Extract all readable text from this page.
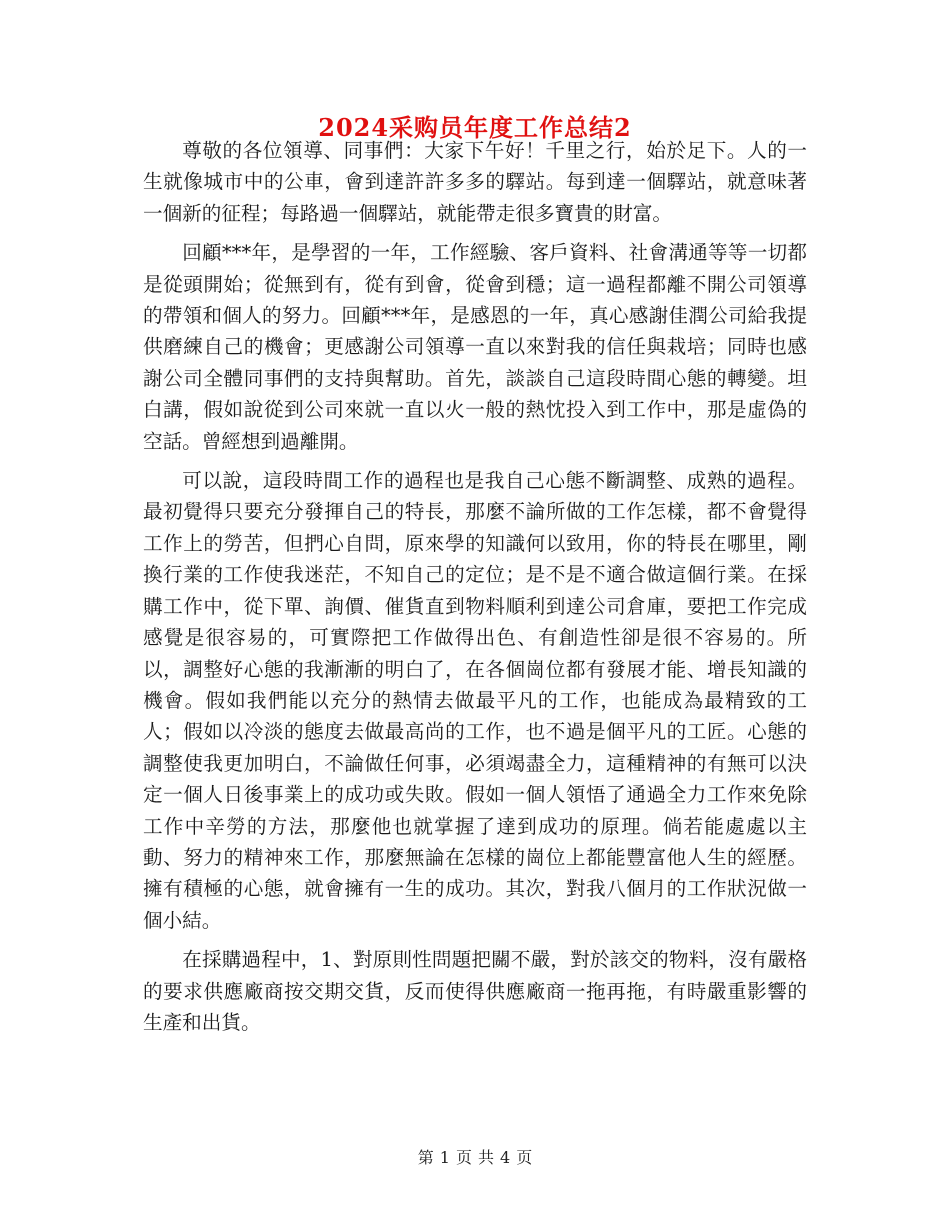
2024采购员年度工作总结2

尊敬的各位領導、同事們：大家下午好！千里之行，始於足下。人的一生就像城市中的公車，會到達許許多多的驛站。每到達一個驛站，就意味著一個新的征程；每路過一個驛站，就能帶走很多寶貴的財富。

回顧***年，是學習的一年，工作經驗、客戶資料、社會溝通等等一切都是從頭開始；從無到有，從有到會，從會到穩；這一過程都離不開公司領導的帶領和個人的努力。回顧***年，是感恩的一年，真心感謝佳潤公司給我提供磨練自己的機會；更感謝公司領導一直以來對我的信任與栽培；同時也感謝公司全體同事們的支持與幫助。首先，談談自己這段時間心態的轉變。坦白講，假如說從到公司來就一直以火一般的熱忱投入到工作中，那是虛偽的空話。曾經想到過離開。

可以說，這段時間工作的過程也是我自己心態不斷調整、成熟的過程。最初覺得只要充分發揮自己的特長，那麼不論所做的工作怎樣，都不會覺得工作上的勞苦，但捫心自問，原來學的知識何以致用，你的特長在哪里，剛換行業的工作使我迷茫，不知自己的定位；是不是不適合做這個行業。在採購工作中，從下單、詢價、催貨直到物料順利到達公司倉庫，要把工作完成感覺是很容易的，可實際把工作做得出色、有創造性卻是很不容易的。所以，調整好心態的我漸漸的明白了，在各個崗位都有發展才能、增長知識的機會。假如我們能以充分的熱情去做最平凡的工作，也能成為最精致的工人；假如以冷淡的態度去做最高尚的工作，也不過是個平凡的工匠。心態的調整使我更加明白，不論做任何事，必須竭盡全力，這種精神的有無可以決定一個人日後事業上的成功或失敗。假如一個人領悟了通過全力工作來免除工作中辛勞的方法，那麼他也就掌握了達到成功的原理。倘若能處處以主動、努力的精神來工作，那麼無論在怎樣的崗位上都能豐富他人生的經歷。擁有積極的心態，就會擁有一生的成功。其次，對我八個月的工作狀況做一個小結。

在採購過程中，1、對原則性問題把關不嚴，對於該交的物料，沒有嚴格的要求供應廠商按交期交貨，反而使得供應廠商一拖再拖，有時嚴重影響的生產和出貨。

第 1 页 共 4 页
